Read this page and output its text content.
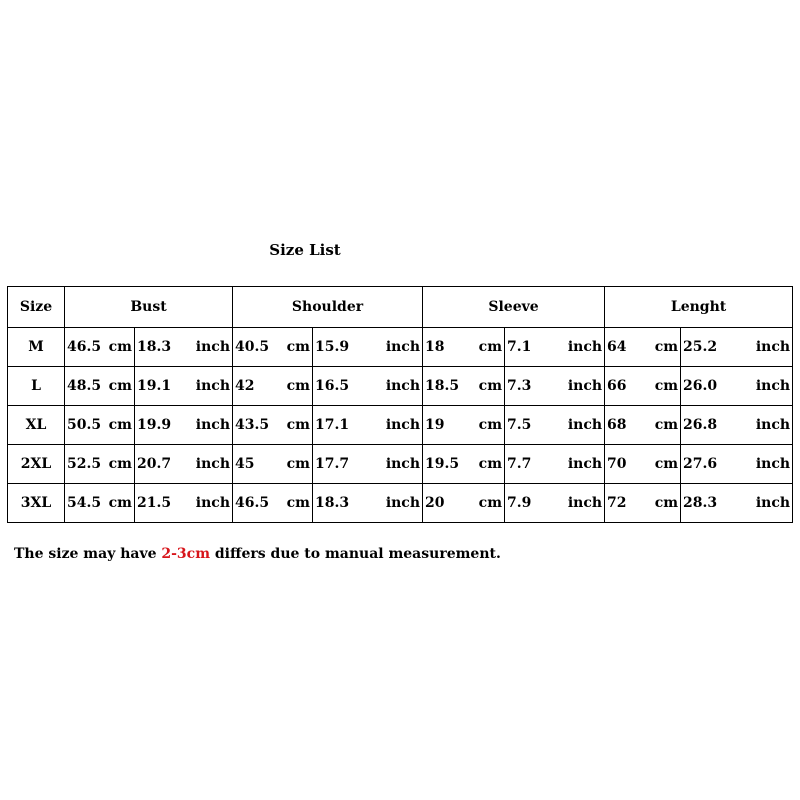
Size List
Size	Bust		Shoulder		Sleeve		Lenght	
M	46.5 cm	18.3 inch	40.5 cm	15.9 inch	18 cm	7.1 inch	64 cm	25.2 inch

L	48.5 cm	19.1 inch	42 cm	16.5 inch	18.5 cm	7.3 inch	66 cm	26.0 inch

XL	50.5 cm	19.9 inch	43.5 cm	17.1 inch	19 cm	7.5 inch	68 cm	26.8 inch

2XL	52.5 cm	20.7 inch	45 cm	17.7 inch	19.5 cm	7.7 inch	70 cm	27.6 inch

3XL	54.5 cm	21.5 inch	46.5 cm	18.3 inch	20 cm	7.9 inch	72 cm	28.3 inch
The size may have 2-3cm differs due to manual measurement.
